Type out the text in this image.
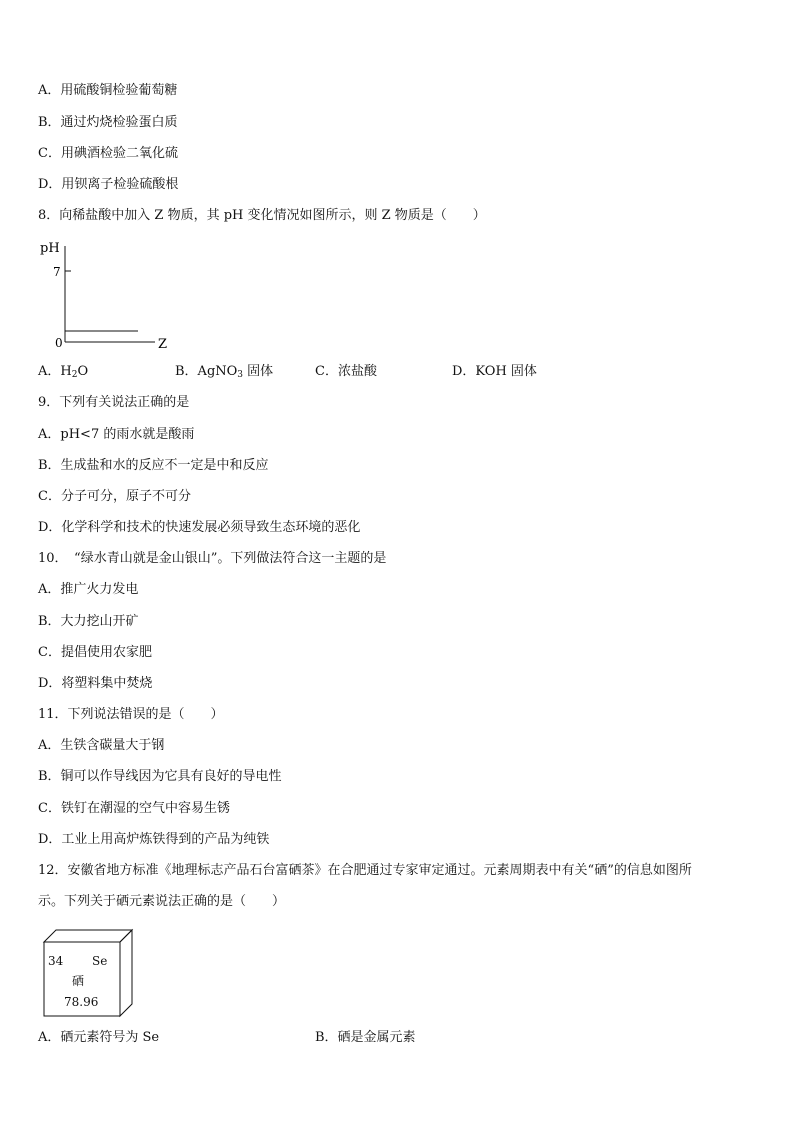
A．用硫酸铜检验葡萄糖
B．通过灼烧检验蛋白质
C．用碘酒检验二氧化硫
D．用钡离子检验硫酸根
8．向稀盐酸中加入 Z 物质，其 pH 变化情况如图所示，则 Z 物质是（　　）
pH
7
0	Z
A．$H_2O$	B．AgNO$_3$ 固体	C．浓盐酸	D．KOH 固体
9．下列有关说法正确的是
A．pH<7 的雨水就是酸雨
B．生成盐和水的反应不一定是中和反应
C．分子可分，原子不可分
D．化学科学和技术的快速发展必须导致生态环境的恶化
10．　“绿水青山就是金山银山”。下列做法符合这一主题的是
A．推广火力发电
B．大力挖山开矿
C．提倡使用农家肥
D．将塑料集中焚烧
11．下列说法错误的是（　　）
A．生铁含碳量大于钢
B．铜可以作导线因为它具有良好的导电性
C．铁钉在潮湿的空气中容易生锈
D．工业上用高炉炼铁得到的产品为纯铁
12．安徽省地方标准《地理标志产品石台富硒茶》在合肥通过专家审定通过。元素周期表中有关“硒”的信息如图所
示。下列关于硒元素说法正确的是（　　）
34 Se
硒
78.96
A．硒元素符号为 Se	B．硒是金属元素
